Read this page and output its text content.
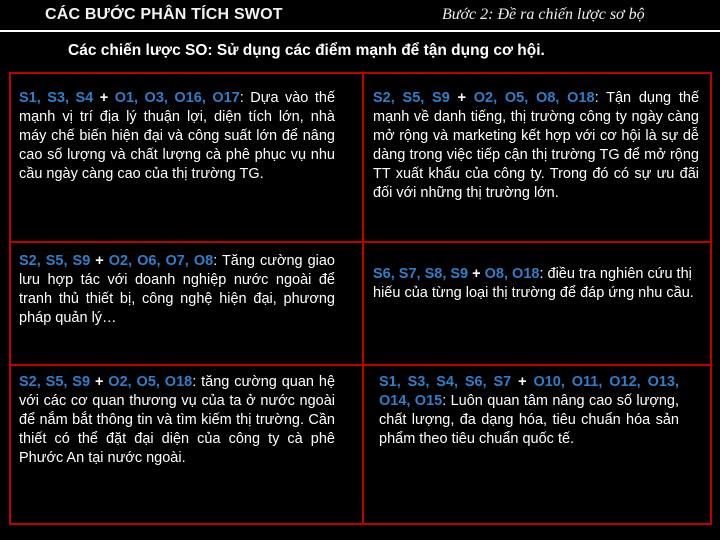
CÁC BƯỚC PHÂN TÍCH SWOT	Bước 2: Đề ra chiến lược sơ bộ
Các chiến lược SO: Sử dụng các điểm mạnh để tận dụng cơ hội.
S1, S3, S4 + O1, O3, O16, O17: Dựa vào thế mạnh vị trí địa lý thuận lợi, diện tích lớn, nhà máy chế biến hiện đại và công suất lớn để nâng cao số lượng và chất lượng cà phê phục vụ nhu cầu ngày càng cao của thị trường TG.
S2, S5, S9 + O2, O5, O8, O18: Tận dụng thế mạnh về danh tiếng, thị trường công ty ngày càng mở rộng và marketing kết hợp với cơ hội là sự dễ dàng trong việc tiếp cận thị trường TG để mở rộng TT xuất khẩu của công ty. Trong đó có sự ưu đãi đối với những thị trường lớn.
S2, S5, S9 + O2, O6, O7, O8: Tăng cường giao lưu hợp tác với doanh nghiệp nước ngoài để tranh thủ thiết bị, công nghệ hiện đại, phương pháp quản lý…
S6, S7, S8, S9 + O8, O18: điều tra nghiên cứu thị hiếu của từng loại thị trường để đáp ứng nhu cầu.
S2, S5, S9 + O2, O5, O18: tăng cường quan hệ với các cơ quan thương vụ của ta ở nước ngoài để nắm bắt thông tin và tìm kiếm thị trường. Cần thiết có thể đặt đại diện của công ty cà phê Phước An tại nước ngoài.
S1, S3, S4, S6, S7 + O10, O11, O12, O13, O14, O15: Luôn quan tâm nâng cao số lượng, chất lượng, đa dạng hóa, tiêu chuẩn hóa sản phẩm theo tiêu chuẩn quốc tế.
